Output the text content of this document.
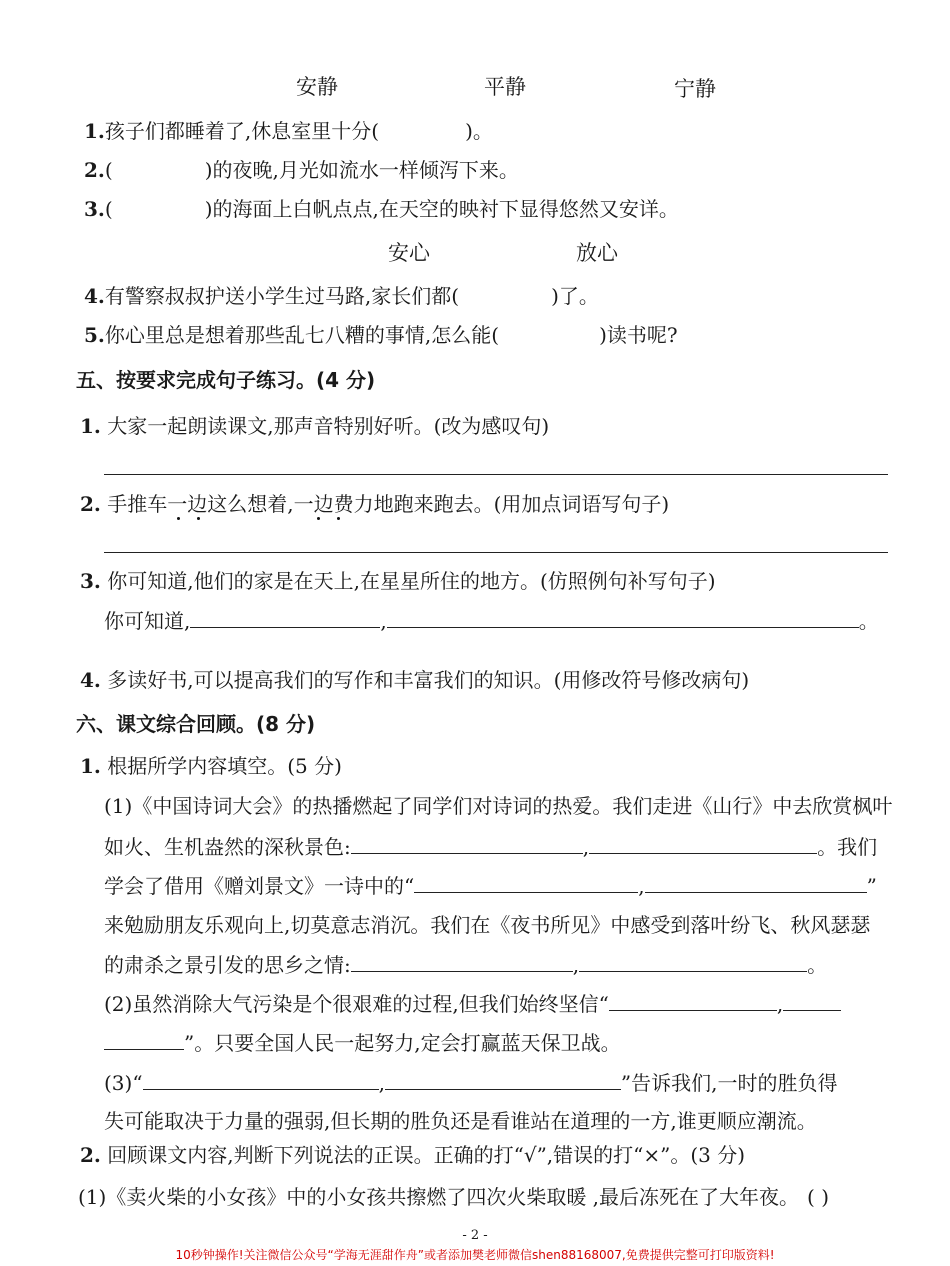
安静	平静	宁静
1.孩子们都睡着了,休息室里十分(	)。
2.(	)的夜晚,月光如流水一样倾泻下来。
3.(	)的海面上白帆点点,在天空的映衬下显得悠然又安详。
安心	放心
4.有警察叔叔护送小学生过马路,家长们都(	)了。
5.你心里总是想着那些乱七八糟的事情,怎么能(	)读书呢?
五、按要求完成句子练习。(4 分)
1. 大家一起朗读课文,那声音特别好听。(改为感叹句)
2. 手推车一边这么想着,一边费力地跑来跑去。(用加点词语写句子)
3. 你可知道,他们的家是在天上,在星星所住的地方。(仿照例句补写句子)
你可知道,	,	。
4. 多读好书,可以提高我们的写作和丰富我们的知识。(用修改符号修改病句)
六、课文综合回顾。(8 分)
1. 根据所学内容填空。(5 分)
(1)《中国诗词大会》的热播燃起了同学们对诗词的热爱。我们走进《山行》中去欣赏枫叶
如火、生机盎然的深秋景色:	,	。我们
学会了借用《赠刘景文》一诗中的“	,	”
来勉励朋友乐观向上,切莫意志消沉。我们在《夜书所见》中感受到落叶纷飞、秋风瑟瑟
的肃杀之景引发的思乡之情:	,	。
(2)虽然消除大气污染是个很艰难的过程,但我们始终坚信“	,
”。只要全国人民一起努力,定会打赢蓝天保卫战。
(3)“	,	”告诉我们,一时的胜负得
失可能取决于力量的强弱,但长期的胜负还是看谁站在道理的一方,谁更顺应潮流。
2. 回顾课文内容,判断下列说法的正误。正确的打“√”,错误的打“×”。(3 分)
(1)《卖火柴的小女孩》中的小女孩共擦燃了四次火柴取暖 ,最后冻死在了大年夜。 ( )
- 2 -
10秒钟操作!关注微信公众号“学海无涯甜作舟”或者添加樊老师微信shen88168007,免费提供完整可打印版资料!
